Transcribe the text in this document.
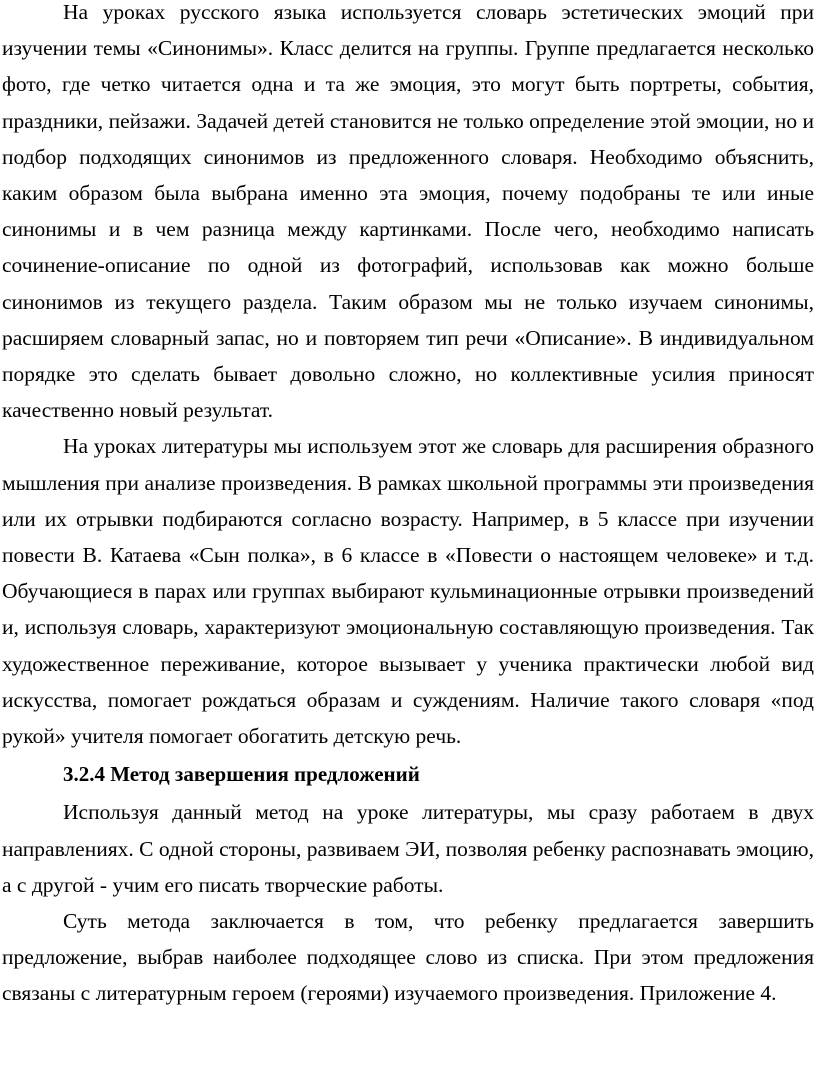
На уроках русского языка используется словарь эстетических эмоций при изучении темы «Синонимы». Класс делится на группы. Группе предлагается несколько фото, где четко читается одна и та же эмоция, это могут быть портреты, события, праздники, пейзажи. Задачей детей становится не только определение этой эмоции, но и подбор подходящих синонимов из предложенного словаря. Необходимо объяснить, каким образом была выбрана именно эта эмоция, почему подобраны те или иные синонимы и в чем разница между картинками. После чего, необходимо написать сочинение-описание по одной из фотографий, использовав как можно больше синонимов из текущего раздела. Таким образом мы не только изучаем синонимы, расширяем словарный запас, но и повторяем тип речи «Описание». В индивидуальном порядке это сделать бывает довольно сложно, но коллективные усилия приносят качественно новый результат.

На уроках литературы мы используем этот же словарь для расширения образного мышления при анализе произведения. В рамках школьной программы эти произведения или их отрывки подбираются согласно возрасту. Например, в 5 классе при изучении повести В. Катаева «Сын полка», в 6 классе в «Повести о настоящем человеке» и т.д. Обучающиеся в парах или группах выбирают кульминационные отрывки произведений и, используя словарь, характеризуют эмоциональную составляющую произведения. Так художественное переживание, которое вызывает у ученика практически любой вид искусства, помогает рождаться образам и суждениям. Наличие такого словаря «под рукой» учителя помогает обогатить детскую речь.

3.2.4 Метод завершения предложений

Используя данный метод на уроке литературы, мы сразу работаем в двух направлениях. С одной стороны, развиваем ЭИ, позволяя ребенку распознавать эмоцию, а с другой - учим его писать творческие работы.

Суть метода заключается в том, что ребенку предлагается завершить предложение, выбрав наиболее подходящее слово из списка. При этом предложения связаны с литературным героем (героями) изучаемого произведения. Приложение 4.
